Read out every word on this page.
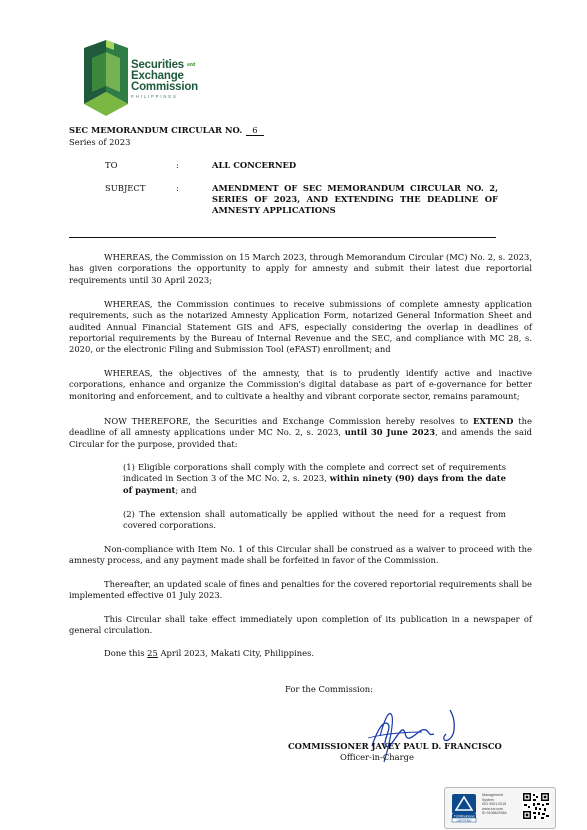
Securities $^{and}$
Exchange
Commission
PHILIPPINES
SEC MEMORANDUM CIRCULAR NO. 6
Series of 2023
TO	:	ALL CONCERNED
SUBJECT	:	AMENDMENT OF SEC MEMORANDUM CIRCULAR NO. 2, SERIES OF 2023, AND EXTENDING THE DEADLINE OF AMNESTY APPLICATIONS
WHEREAS, the Commission on 15 March 2023, through Memorandum Circular (MC) No. 2, s. 2023, has given corporations the opportunity to apply for amnesty and submit their latest due reportorial requirements until 30 April 2023;
WHEREAS, the Commission continues to receive submissions of complete amnesty application requirements, such as the notarized Amnesty Application Form, notarized General Information Sheet and audited Annual Financial Statement GIS and AFS, especially considering the overlap in deadlines of reportorial requirements by the Bureau of Internal Revenue and the SEC, and compliance with MC 28, s. 2020, or the electronic Filing and Submission Tool (eFAST) enrollment; and
WHEREAS, the objectives of the amnesty, that is to prudently identify active and inactive corporations, enhance and organize the Commission's digital database as part of e-governance for better monitoring and enforcement, and to cultivate a healthy and vibrant corporate sector, remains paramount;
NOW THEREFORE, the Securities and Exchange Commission hereby resolves to EXTEND the deadline of all amnesty applications under MC No. 2, s. 2023, until 30 June 2023, and amends the said Circular for the purpose, provided that:
(1) Eligible corporations shall comply with the complete and correct set of requirements indicated in Section 3 of the MC No. 2, s. 2023, within ninety (90) days from the date of payment; and
(2) The extension shall automatically be applied without the need for a request from covered corporations.
Non-compliance with Item No. 1 of this Circular shall be construed as a waiver to proceed with the amnesty process, and any payment made shall be forfeited in favor of the Commission.
Thereafter, an updated scale of fines and penalties for the covered reportorial requirements shall be implemented effective 01 July 2023.
This Circular shall take effect immediately upon completion of its publication in a newspaper of general circulation.
Done this 25 April 2023, Makati City, Philippines.
For the Commission:
COMMISSIONER JAVEY PAUL D. FRANCISCO
Officer-in-Charge
TÜVRheinland
CERTIFIED
Management
System
ISO 9001:2015
www.tuv.com
ID 9108629384
